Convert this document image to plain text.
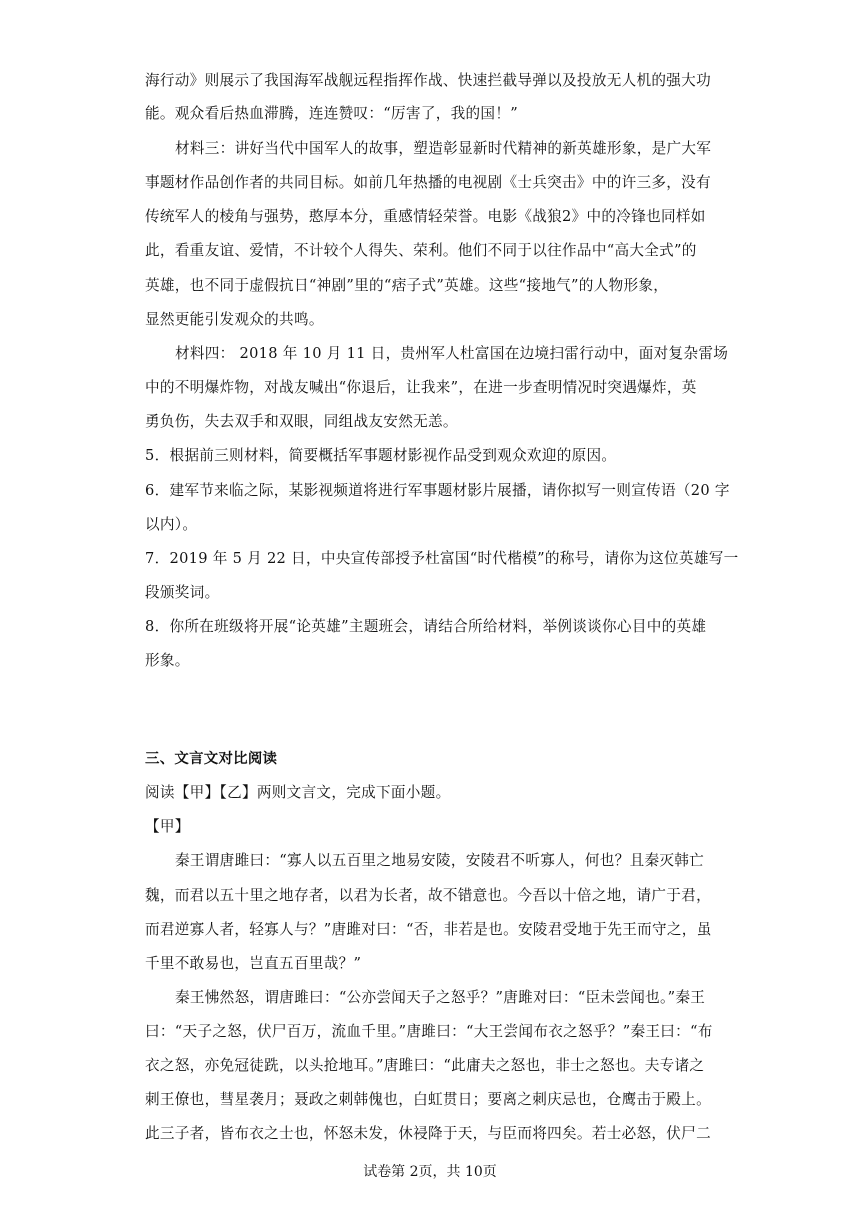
海行动》则展示了我国海军战舰远程指挥作战、快速拦截导弹以及投放无人机的强大功
能。观众看后热血滞腾，连连赞叹：“厉害了，我的国！”
材料三：讲好当代中国军人的故事，塑造彰显新时代精神的新英雄形象，是广大军
事题材作品创作者的共同目标。如前几年热播的电视剧《士兵突击》中的许三多，没有
传统军人的棱角与强势，憨厚本分，重感情轻荣誉。电影《战狼2》中的冷锋也同样如
此，看重友谊、爱情，不计较个人得失、荣利。他们不同于以往作品中“高大全式”的
英雄，也不同于虚假抗日“神剧”里的“痞子式”英雄。这些“接地气”的人物形象，
显然更能引发观众的共鸣。
材料四： 2018 年 10 月 11 日，贵州军人杜富国在边境扫雷行动中，面对复杂雷场
中的不明爆炸物，对战友喊出“你退后，让我来”，在进一步查明情况时突遇爆炸，英
勇负伤，失去双手和双眼，同组战友安然无恙。
5．根据前三则材料，简要概括军事题材影视作品受到观众欢迎的原因。
6．建军节来临之际，某影视频道将进行军事题材影片展播，请你拟写一则宣传语（20 字
以内）。
7．2019 年 5 月 22 日，中央宣传部授予杜富国“时代楷模”的称号，请你为这位英雄写一
段颁奖词。
8．你所在班级将开展“论英雄”主题班会，请结合所给材料，举例谈谈你心目中的英雄
形象。
三、文言文对比阅读
阅读【甲】【乙】两则文言文，完成下面小题。
【甲】
秦王谓唐雎曰：“寡人以五百里之地易安陵，安陵君不听寡人，何也？且秦灭韩亡
魏，而君以五十里之地存者，以君为长者，故不错意也。今吾以十倍之地，请广于君，
而君逆寡人者，轻寡人与？”唐雎对曰：“否，非若是也。安陵君受地于先王而守之，虽
千里不敢易也，岂直五百里哉？”
秦王怫然怒，谓唐雎曰：“公亦尝闻天子之怒乎？”唐雎对曰：“臣未尝闻也。”秦王
曰：“天子之怒，伏尸百万，流血千里。”唐雎曰：“大王尝闻布衣之怒乎？”秦王曰：“布
衣之怒，亦免冠徒跣，以头抢地耳。”唐雎曰：“此庸夫之怒也，非士之怒也。夫专诸之
刺王僚也，彗星袭月；聂政之刺韩傀也，白虹贯日；要离之刺庆忌也，仓鹰击于殿上。
此三子者，皆布衣之士也，怀怒未发，休祲降于天，与臣而将四矣。若士必怒，伏尸二
试卷第 2页，共 10页
